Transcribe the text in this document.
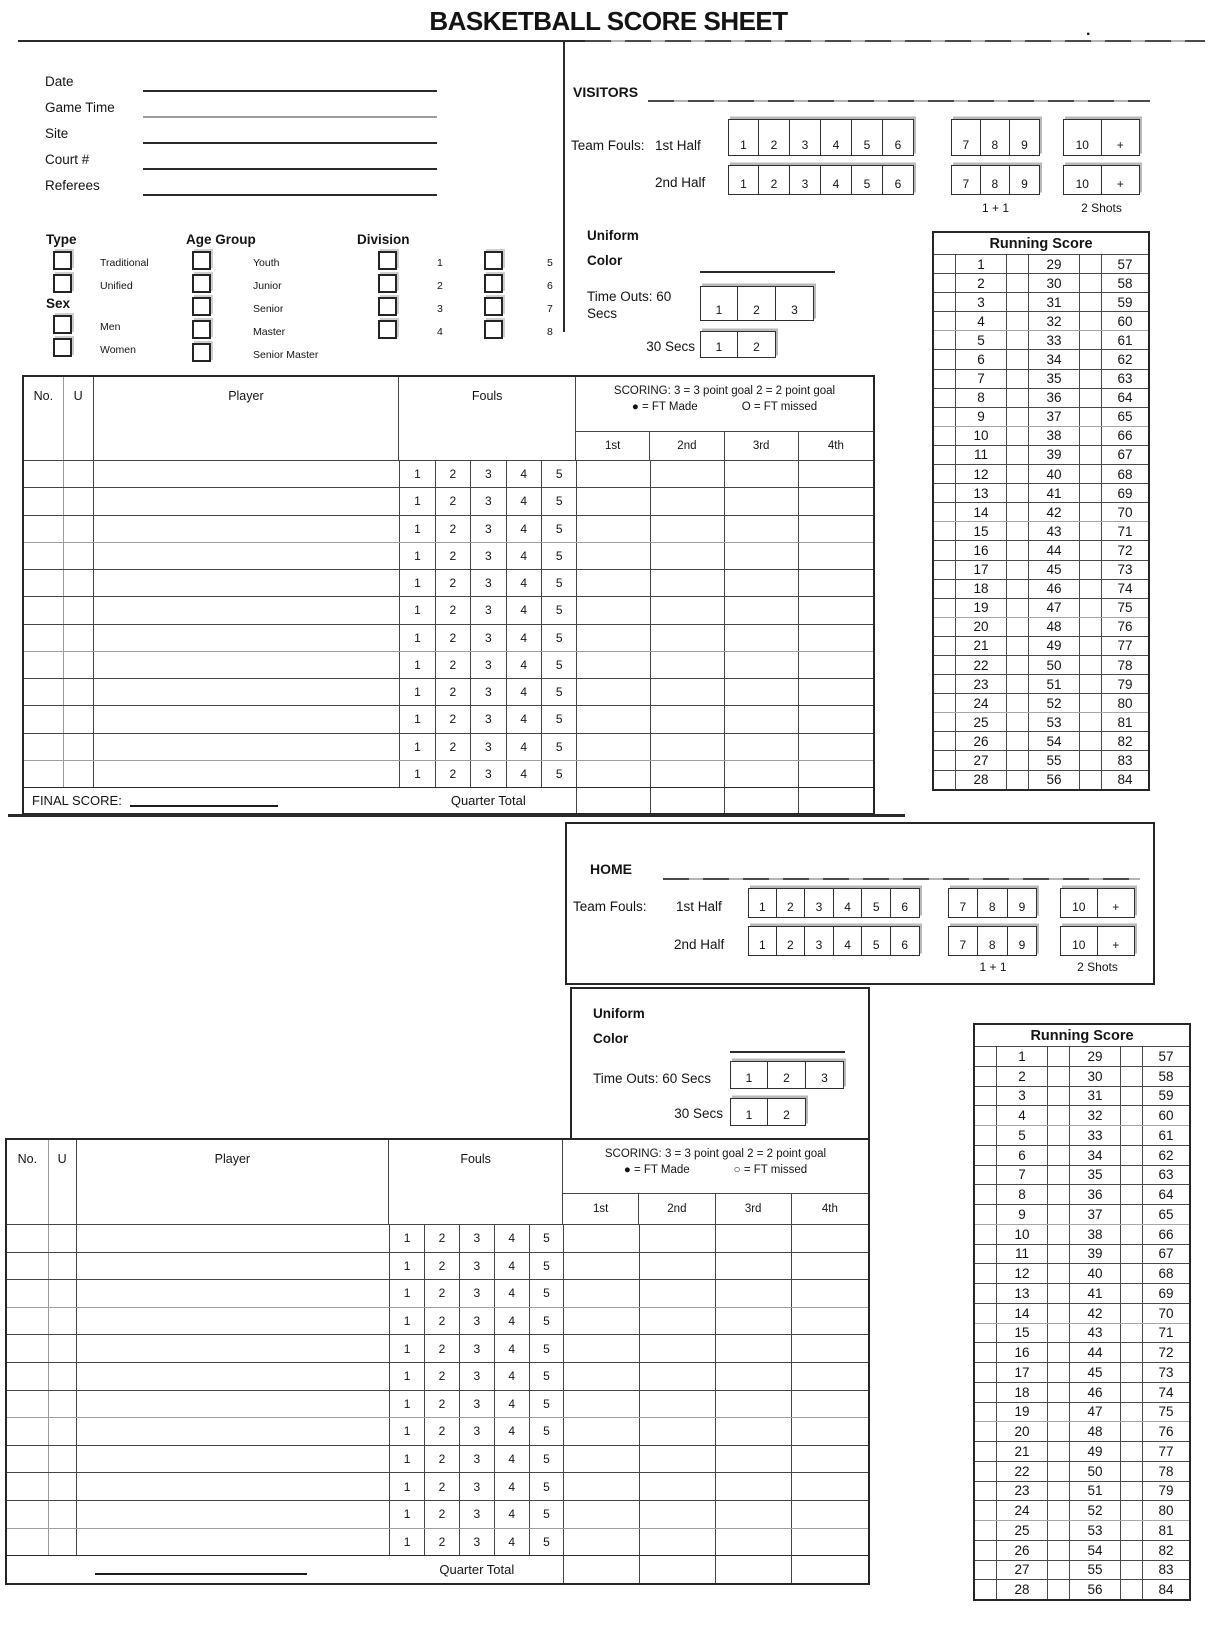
BASKETBALL SCORE SHEET	.
Date
Game Time
Site
Court #
Referees
Type
Traditional
Unified
Sex
Men
Women
Age Group
Youth
Junior
Senior
Master
Senior Master
Division
1
2
3
4
5
6
7
8
VISITORS
Team Fouls: 1st Half	1	2	3	4	5	6	7	8	9	10	+
2nd Half	1	2	3	4	5	6	7	8	9	10	+
1 + 1	2 Shots
Uniform
Color
Time Outs: 60 Secs	1	2	3
30 Secs	1	2
Running Score
1	29	57
2	30	58
3	31	59
4	32	60
5	33	61
6	34	62
7	35	63
8	36	64
9	37	65
10	38	66
11	39	67
12	40	68
13	41	69
14	42	70
15	43	71
16	44	72
17	45	73
18	46	74
19	47	75
20	48	76
21	49	77
22	50	78
23	51	79
24	52	80
25	53	81
26	54	82
27	55	83
28	56	84
No.	U	Player	Fouls	SCORING: 3 = 3 point goal 2 = 2 point goal
● = FT Made	O = FT missed
1st	2nd	3rd	4th
1	2	3	4	5
1	2	3	4	5
1	2	3	4	5
1	2	3	4	5
1	2	3	4	5
1	2	3	4	5
1	2	3	4	5
1	2	3	4	5
1	2	3	4	5
1	2	3	4	5
1	2	3	4	5
1	2	3	4	5
FINAL SCORE:	Quarter Total
HOME
Team Fouls: 1st Half	1	2	3	4	5	6	7	8	9	10	+
2nd Half	1	2	3	4	5	6	7	8	9	10	+
1 + 1	2 Shots
Uniform
Color
Time Outs: 60 Secs	1	2	3
30 Secs	1	2
Running Score
1	29	57
2	30	58
3	31	59
4	32	60
5	33	61
6	34	62
7	35	63
8	36	64
9	37	65
10	38	66
11	39	67
12	40	68
13	41	69
14	42	70
15	43	71
16	44	72
17	45	73
18	46	74
19	47	75
20	48	76
21	49	77
22	50	78
23	51	79
24	52	80
25	53	81
26	54	82
27	55	83
28	56	84
No.	U	Player	Fouls	SCORING: 3 = 3 point goal 2 = 2 point goal
● = FT Made	○ = FT missed
1st	2nd	3rd	4th
1	2	3	4	5
1	2	3	4	5
1	2	3	4	5
1	2	3	4	5
1	2	3	4	5
1	2	3	4	5
1	2	3	4	5
1	2	3	4	5
1	2	3	4	5
1	2	3	4	5
1	2	3	4	5
1	2	3	4	5
Quarter Total
